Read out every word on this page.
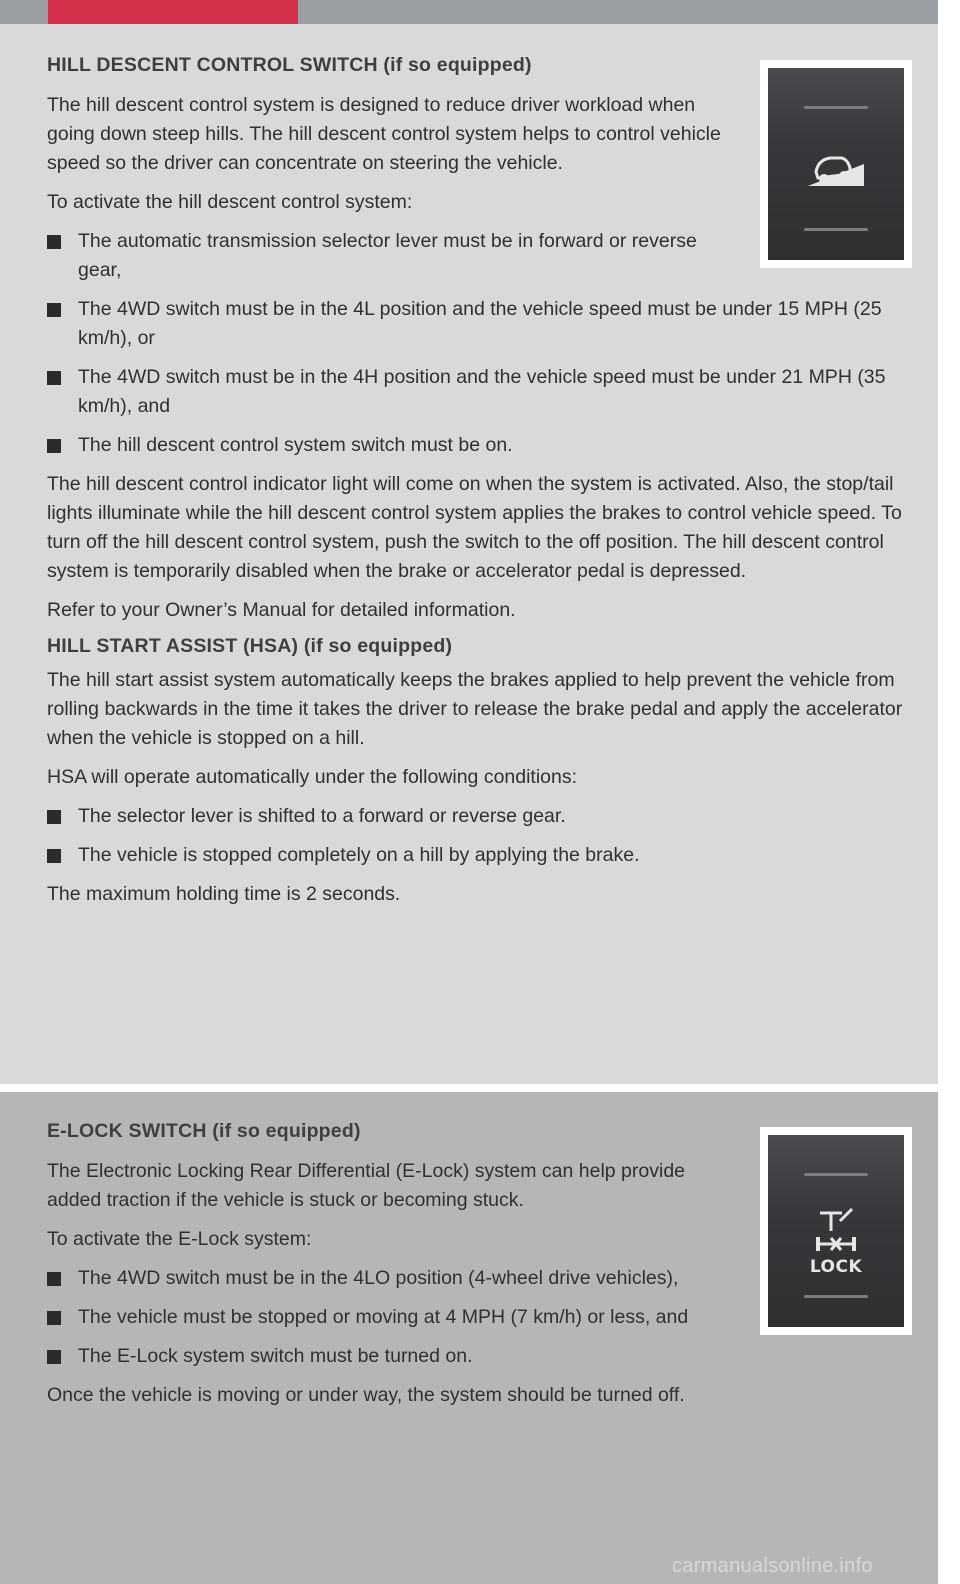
HILL DESCENT CONTROL SWITCH (if so equipped)

The hill descent control system is designed to reduce driver workload when going down steep hills. The hill descent control system helps to control vehicle speed so the driver can concentrate on steering the vehicle.

To activate the hill descent control system:

The automatic transmission selector lever must be in forward or reverse gear,
The 4WD switch must be in the 4L position and the vehicle speed must be under 15 MPH (25 km/h), or
The 4WD switch must be in the 4H position and the vehicle speed must be under 21 MPH (35 km/h), and
The hill descent control system switch must be on.

The hill descent control indicator light will come on when the system is activated. Also, the stop/tail lights illuminate while the hill descent control system applies the brakes to control vehicle speed. To turn off the hill descent control system, push the switch to the off position. The hill descent control system is temporarily disabled when the brake or accelerator pedal is depressed.

Refer to your Owner’s Manual for detailed information.

HILL START ASSIST (HSA) (if so equipped)

The hill start assist system automatically keeps the brakes applied to help prevent the vehicle from rolling backwards in the time it takes the driver to release the brake pedal and apply the accelerator when the vehicle is stopped on a hill.

HSA will operate automatically under the following conditions:

The selector lever is shifted to a forward or reverse gear.
The vehicle is stopped completely on a hill by applying the brake.

The maximum holding time is 2 seconds.

E-LOCK SWITCH (if so equipped)

The Electronic Locking Rear Differential (E-Lock) system can help provide added traction if the vehicle is stuck or becoming stuck.

To activate the E-Lock system:

The 4WD switch must be in the 4LO position (4-wheel drive vehicles),
The vehicle must be stopped or moving at 4 MPH (7 km/h) or less, and
The E-Lock system switch must be turned on.

Once the vehicle is moving or under way, the system should be turned off.

LOCK
carmanualsonline.info
